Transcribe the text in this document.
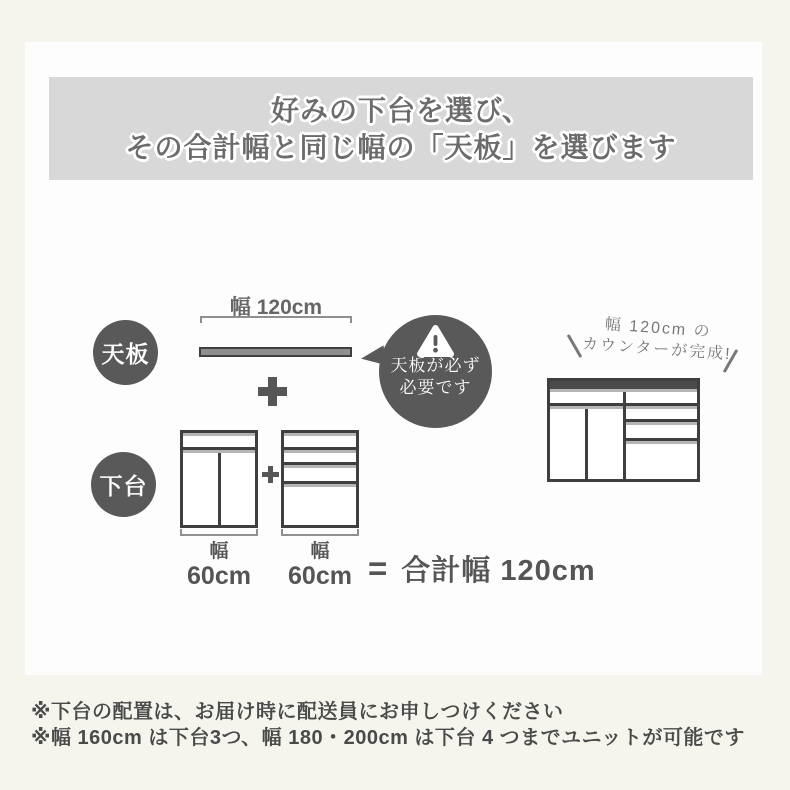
好みの下台を選び、
その合計幅と同じ幅の「天板」を選びます
天板
幅 120cm
天板が必ず
必要です
幅 120cm の
カウンターが完成!
下台
幅
60cm
幅
60cm = 合計幅 120cm
※下台の配置は、お届け時に配送員にお申しつけください
※幅 160cm は下台3つ、幅 180・200cm は下台 4 つまでユニットが可能です
